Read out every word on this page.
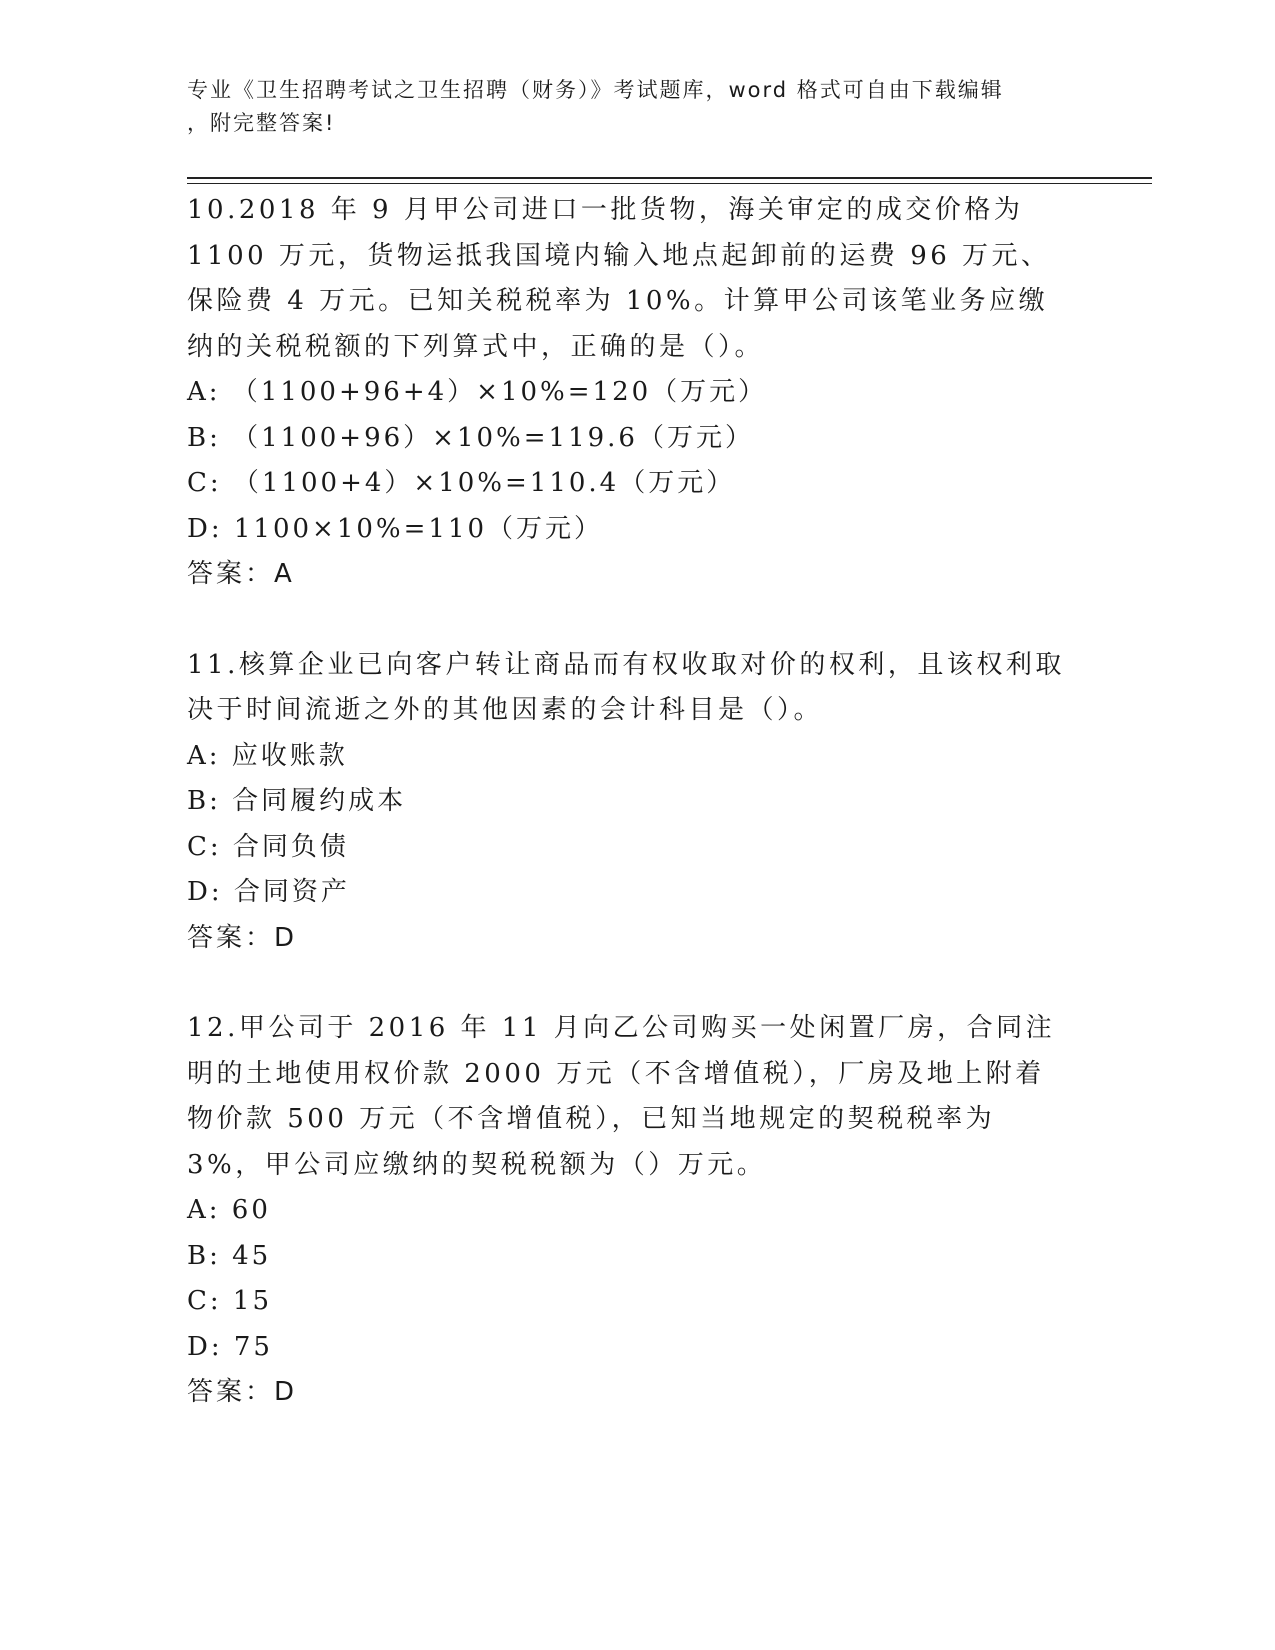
专业《卫生招聘考试之卫生招聘（财务）》考试题库，word 格式可自由下载编辑
，附完整答案!
10.2018 年 9 月甲公司进口一批货物，海关审定的成交价格为 1100 万元，货物运抵我国境内输入地点起卸前的运费 96 万元、保险费 4 万元。已知关税税率为 10%。计算甲公司该笔业务应缴纳的关税税额的下列算式中，正确的是（）。
A: （1100+96+4）×10%=120（万元）
B: （1100+96）×10%=119.6（万元）
C: （1100+4）×10%=110.4（万元）
D: 1100×10%=110（万元）
答案：A
11.核算企业已向客户转让商品而有权收取对价的权利，且该权利取决于时间流逝之外的其他因素的会计科目是（）。
A: 应收账款
B: 合同履约成本
C: 合同负债
D: 合同资产
答案：D
12.甲公司于 2016 年 11 月向乙公司购买一处闲置厂房，合同注明的土地使用权价款 2000 万元（不含增值税），厂房及地上附着物价款 500 万元（不含增值税），已知当地规定的契税税率为 3%，甲公司应缴纳的契税税额为（）万元。
A: 60
B: 45
C: 15
D: 75
答案：D
